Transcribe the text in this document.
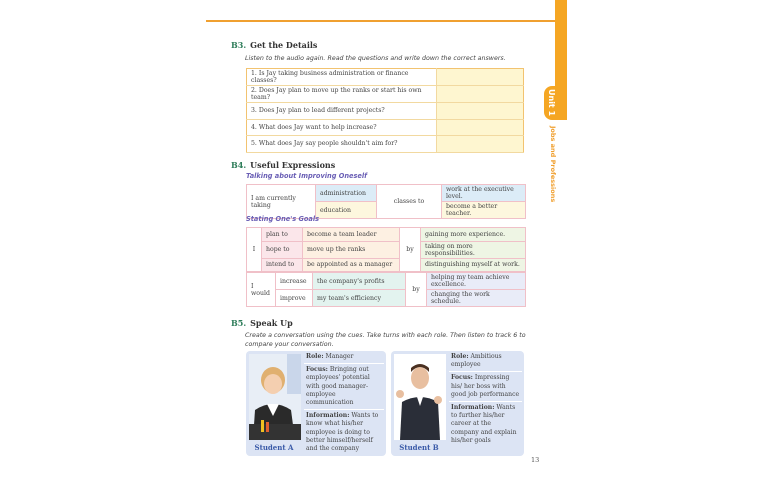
Unit 1
Jobs and Professions
B3. Get the Details
Listen to the audio again. Read the questions and write down the correct answers.
1. Is Jay taking business administration or finance classes?	
2. Does Jay plan to move up the ranks or start his own team?	
3. Does Jay plan to lead different projects?	
4. What does Jay want to help increase?	
5. What does Jay say people shouldn't aim for?	
B4. Useful Expressions
Talking about Improving Oneself
I am currently taking	administration	classes to	work at the executive level.
	education		become a better teacher.
Stating One's Goals
I	plan to	become a team leader	by	gaining more experience.
	hope to	move up the ranks		taking on more responsibilities.
	intend to	be appointed as a manager		distinguishing myself at work.
I would	increase	the company's profits	by	helping my team achieve excellence.
	improve	my team's efficiency		changing the work schedule.
B5. Speak Up
Create a conversation using the cues. Take turns with each role. Then listen to track 6 to compare your conversation.
Student A
Role: Manager
Focus: Bringing out employees' potential with good manager-employee communication
Information: Wants to know what his/her employee is doing to better himself/herself and the company	Student B
Role: Ambitious employee
Focus: Impressing his/ her boss with good job performance
Information: Wants to further his/her career at the company and explain his/her goals
13
